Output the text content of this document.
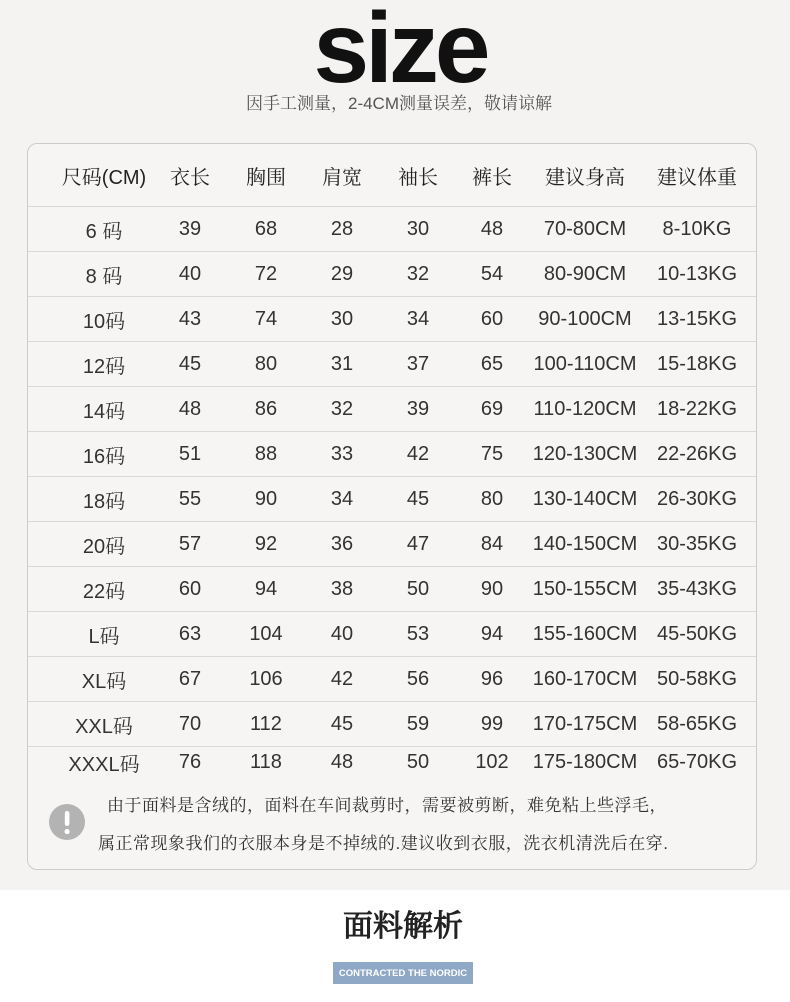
size
因手工测量，2-4CM测量误差，敬请谅解
尺码(CM)	衣长	胸围	肩宽	袖长	裤长	建议身高	建议体重
6 码	39	68	28	30	48	70-80CM	8-10KG
8 码	40	72	29	32	54	80-90CM	10-13KG
10码	43	74	30	34	60	90-100CM	13-15KG
12码	45	80	31	37	65	100-110CM	15-18KG
14码	48	86	32	39	69	110-120CM	18-22KG
16码	51	88	33	42	75	120-130CM 22-26KG
18码	55	90	34	45	80	130-140CM 26-30KG
20码	57	92	36	47	84	140-150CM 30-35KG
22码	60	94	38	50	90	150-155CM 35-43KG
L码	63	104	40	53	94	155-160CM 45-50KG
XL码	67	106	42	56	96	160-170CM 50-58KG
XXL码	70	112	45	59	99	170-175CM 58-65KG
XXXL码	76	118	48	50	102	175-180CM 65-70KG
由于面料是含绒的，面料在车间裁剪时，需要被剪断，难免粘上些浮毛，
属正常现象我们的衣服本身是不掉绒的.建议收到衣服，洗衣机清洗后在穿.
面料解析
CONTRACTED THE NORDIC
